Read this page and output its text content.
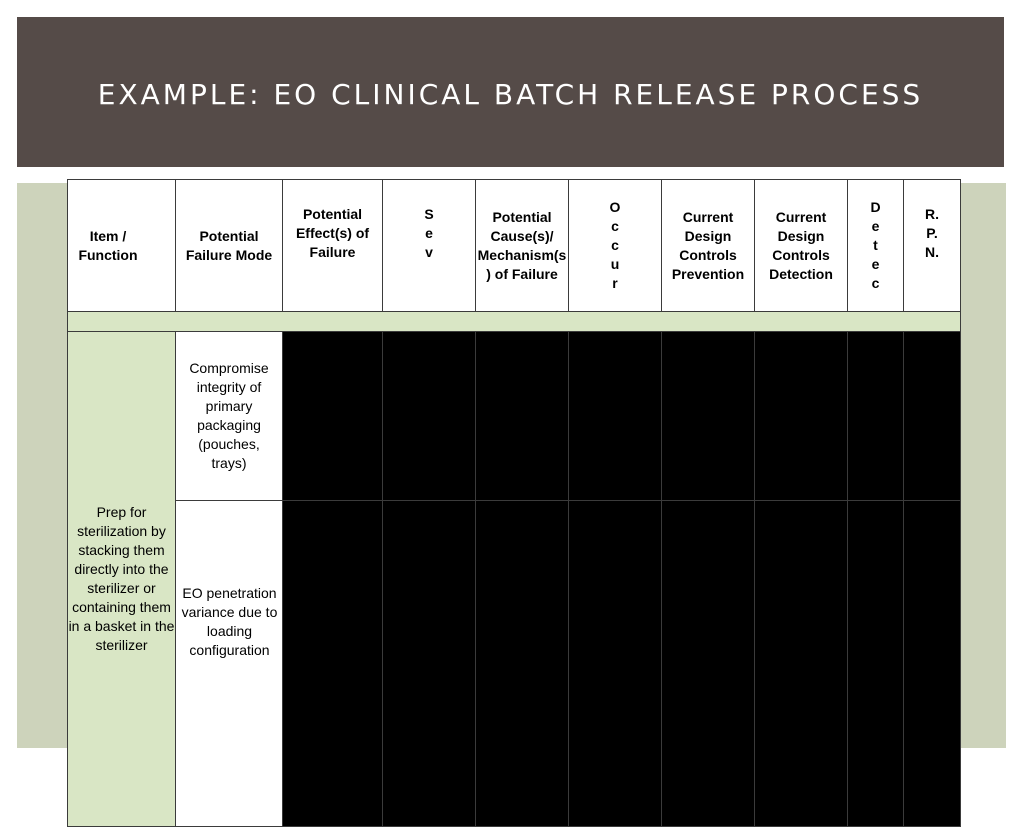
EXAMPLE: EO CLINICAL BATCH RELEASE PROCESS
Item / Function	Potential Failure Mode	Potential Effect(s) of Failure	S e v	Potential Cause(s)/ Mechanism(s) of Failure	O c c u r	Current Design Controls Prevention	Current Design Controls Detection	D e t e c	R. P. N.

Prep for sterilization by stacking them directly into the sterilizer or containing them in a basket in the sterilizer	Compromise integrity of primary packaging (pouches, trays)								

	EO penetration variance due to loading configuration								
